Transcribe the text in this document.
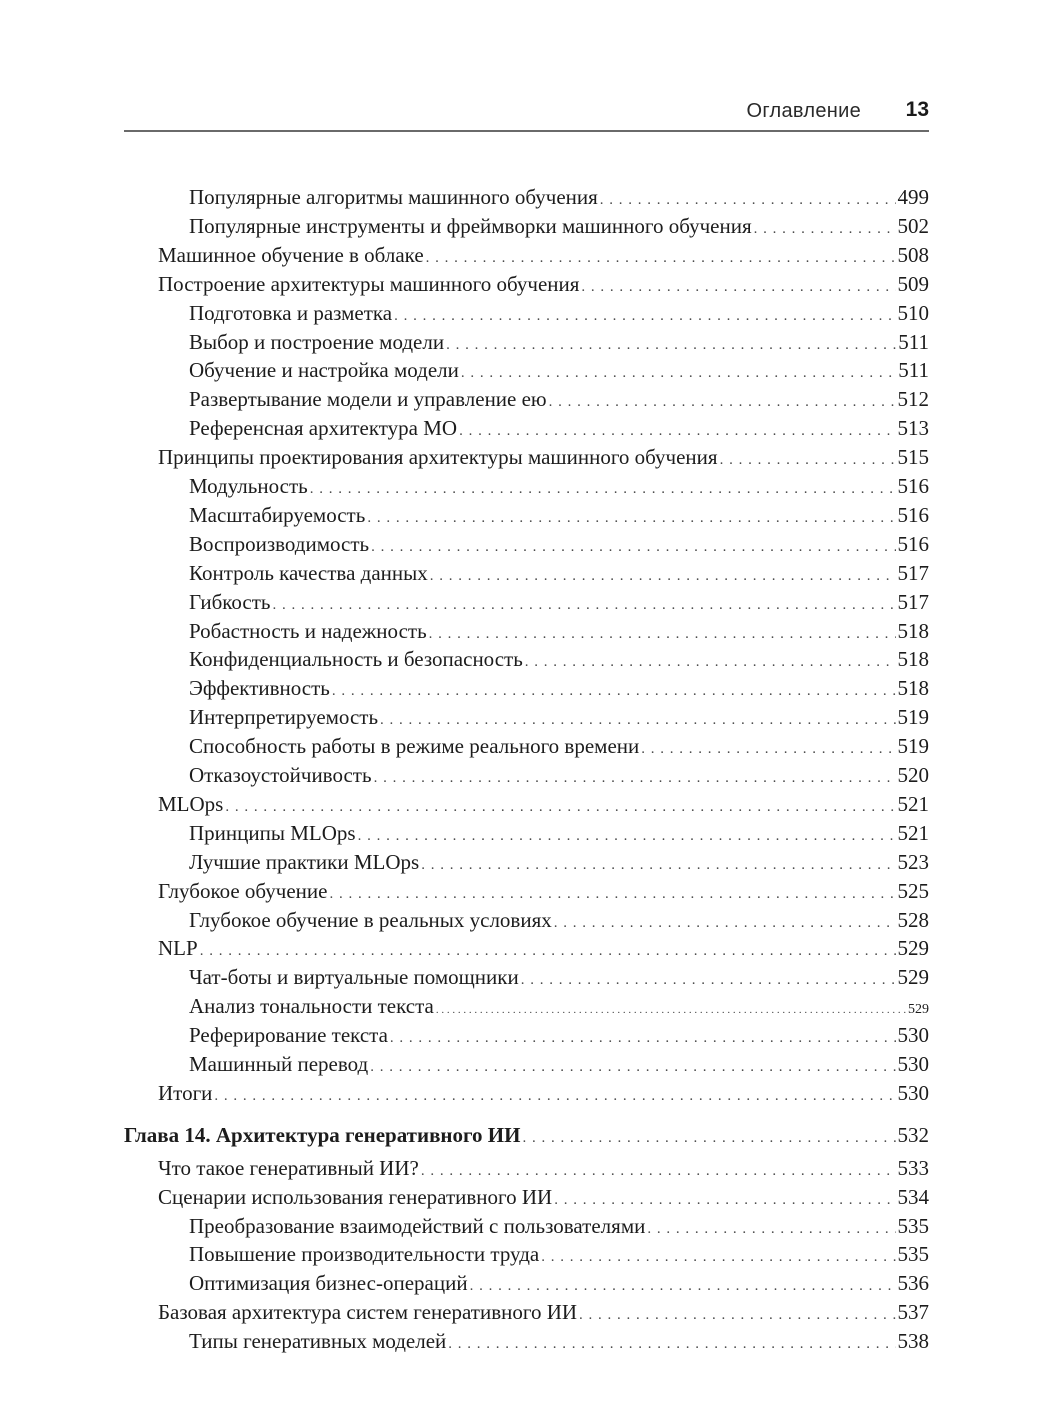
Оглавление 13
Популярные алгоритмы машинного обучения . . .	499
Популярные инструменты и фреймворки машинного обучения . . .	502
Машинное обучение в облаке . . .	508
Построение архитектуры машинного обучения . . .	509
Подготовка и разметка . . .	510
Выбор и построение модели . . .	511
Обучение и настройка модели . . .	511
Развертывание модели и управление ею . . .	512
Референсная архитектура МО . . .	513
Принципы проектирования архитектуры машинного обучения . . .	515
Модульность . . .	516
Масштабируемость . . .	516
Воспроизводимость . . .	516
Контроль качества данных . . .	517
Гибкость . . .	517
Робастность и надежность . . .	518
Конфиденциальность и безопасность . . .	518
Эффективность . . .	518
Интерпретируемость . . .	519
Способность работы в режиме реального времени . . .	519
Отказоустойчивость . . .	520
MLOps . . .	521
Принципы MLOps . . .	521
Лучшие практики MLOps . . .	523
Глубокое обучение . . .	525
Глубокое обучение в реальных условиях . . .	528
NLP . . .	529
Чат-боты и виртуальные помощники . . .	529
Анализ тональности текста . . .	529
Реферирование текста . . .	530
Машинный перевод . . .	530
Итоги . . .	530
Глава 14. Архитектура генеративного ИИ . . .	532
Что такое генеративный ИИ? . . .	533
Сценарии использования генеративного ИИ . . .	534
Преобразование взаимодействий с пользователями . . .	535
Повышение производительности труда . . .	535
Оптимизация бизнес-операций . . .	536
Базовая архитектура систем генеративного ИИ . . .	537
Типы генеративных моделей . . .	538
